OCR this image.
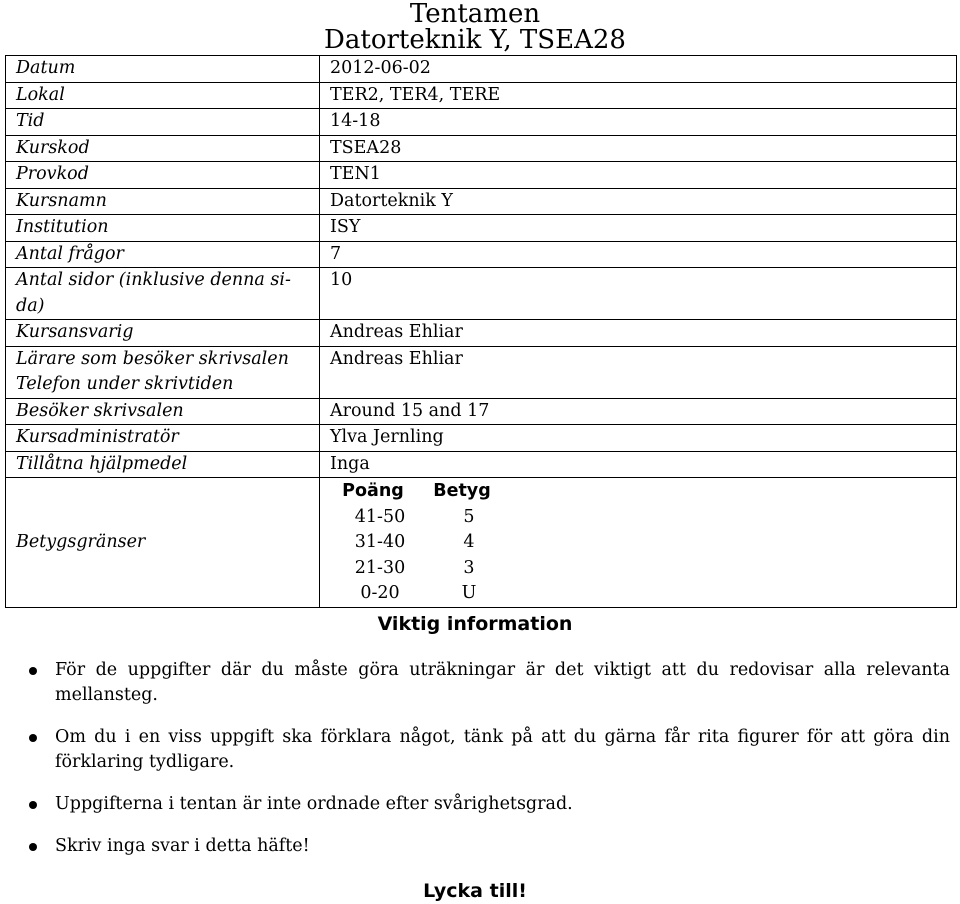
Tentamen
Datorteknik Y, TSEA28
Datum	2012-06-02
Lokal	TER2, TER4, TERE
Tid	14-18
Kurskod	TSEA28
Provkod	TEN1
Kursnamn	Datorteknik Y
Institution	ISY
Antal frågor	7

Antal sidor (inklusive denna si-
da)
	10
Kursansvarig	Andreas Ehliar

Lärare som besöker skrivsalen
Telefon under skrivtiden
	Andreas Ehliar
Besöker skrivsalen	Around 15 and 17
Kursadministratör	Ylva Jernling
Tillåtna hjälpmedel	Inga
Betygsgränser	
Poäng	Betyg
41-50	5
31-40	4
21-30	3
0-20	U
Viktig information
För de uppgifter där du måste göra uträkningar är det viktigt att du redovisar alla relevanta mellansteg.
Om du i en viss uppgift ska förklara något, tänk på att du gärna får rita figurer för att göra din förklaring tydligare.
Uppgifterna i tentan är inte ordnade efter svårighetsgrad.
Skriv inga svar i detta häfte!
Lycka till!
